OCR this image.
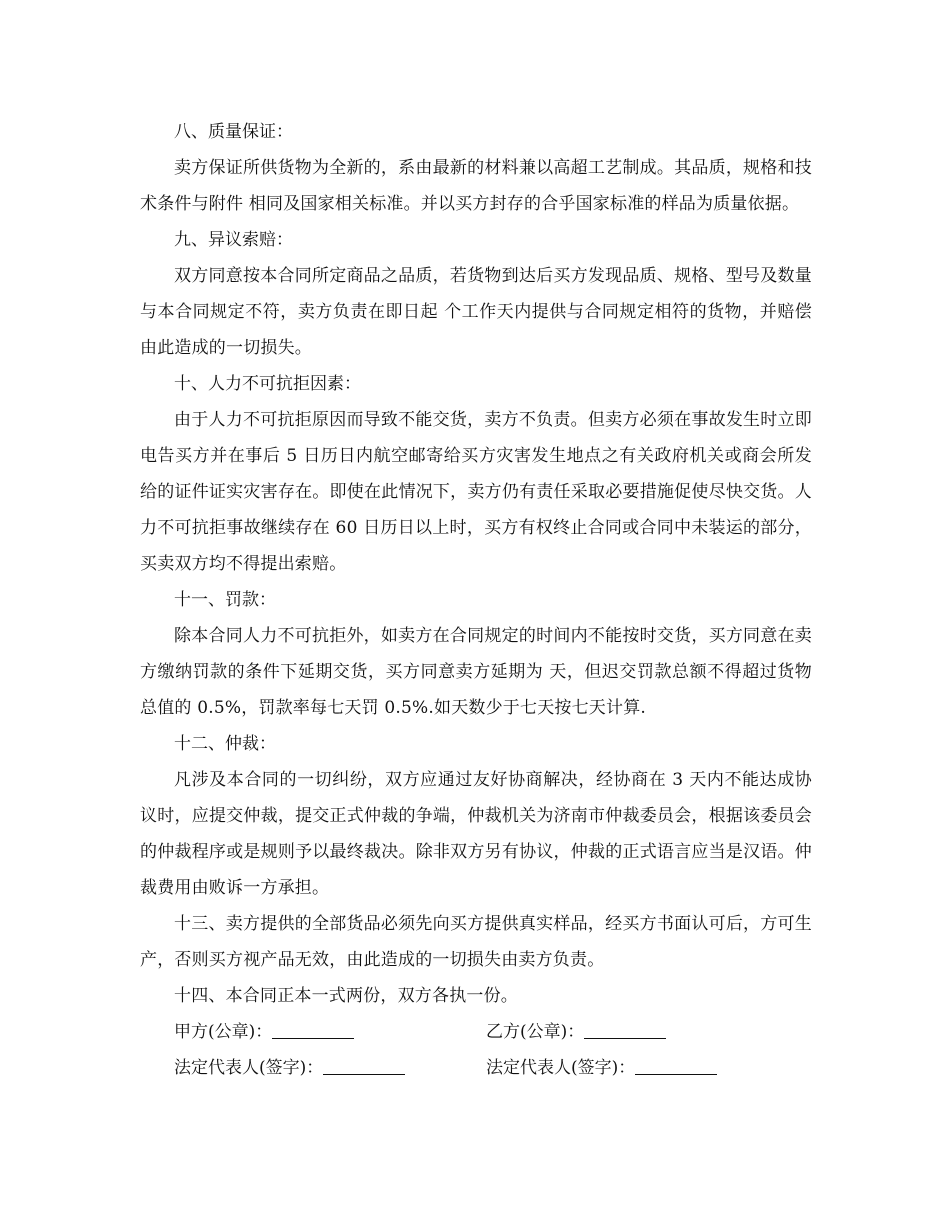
八、质量保证：

卖方保证所供货物为全新的，系由最新的材料兼以高超工艺制成。其品质，规格和技术条件与附件 相同及国家相关标准。并以买方封存的合乎国家标准的样品为质量依据。

九、异议索赔：

双方同意按本合同所定商品之品质，若货物到达后买方发现品质、规格、型号及数量与本合同规定不符，卖方负责在即日起 个工作天内提供与合同规定相符的货物，并赔偿由此造成的一切损失。

十、人力不可抗拒因素：

由于人力不可抗拒原因而导致不能交货，卖方不负责。但卖方必须在事故发生时立即电告买方并在事后 5 日历日内航空邮寄给买方灾害发生地点之有关政府机关或商会所发给的证件证实灾害存在。即使在此情况下，卖方仍有责任采取必要措施促使尽快交货。人力不可抗拒事故继续存在 60 日历日以上时，买方有权终止合同或合同中未装运的部分，买卖双方均不得提出索赔。

十一、罚款：

除本合同人力不可抗拒外，如卖方在合同规定的时间内不能按时交货，买方同意在卖方缴纳罚款的条件下延期交货，买方同意卖方延期为 天，但迟交罚款总额不得超过货物总值的 0.5%，罚款率每七天罚 0.5%.如天数少于七天按七天计算.

十二、仲裁：

凡涉及本合同的一切纠纷，双方应通过友好协商解决，经协商在 3 天内不能达成协议时，应提交仲裁，提交正式仲裁的争端，仲裁机关为济南市仲裁委员会，根据该委员会的仲裁程序或是规则予以最终裁决。除非双方另有协议，仲裁的正式语言应当是汉语。仲裁费用由败诉一方承担。

十三、卖方提供的全部货品必须先向买方提供真实样品，经买方书面认可后，方可生产，否则买方视产品无效，由此造成的一切损失由卖方负责。

十四、本合同正本一式两份，双方各执一份。

甲方(公章)：	乙方(公章)：
法定代表人(签字)：	法定代表人(签字)：
